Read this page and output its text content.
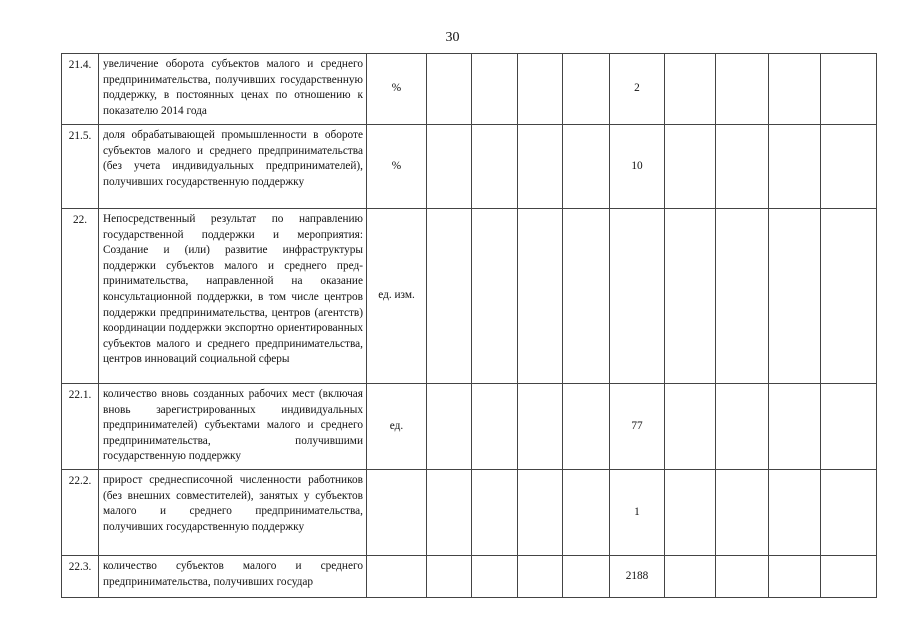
30
21.4.	увеличение оборота субъектов малого и среднего предпринимательства, получивших государственную поддержку, в постоянных ценах по отношению к показателю 2014 года	%					2				
21.5.	доля обрабатывающей промышленности в обороте субъектов малого и среднего предпринимательства (без учета индивидуальных предпринимателей), получивших государственную поддержку	%					10				
22.	Непосредственный результат по направлению государственной поддержки и мероприятия: Создание и (или) развитие инфраструктуры поддержки субъектов малого и среднего предпринимательства, направленной на оказание консультационной поддержки, в том числе центров поддержки предпринимательства, центров (агентств) координации поддержки экспортно ориентированных субъектов малого и среднего предпринимательства, центров инноваций социальной сферы	ед. изм.									
22.1.	количество вновь созданных рабочих мест (включая вновь зарегистрированных индивидуальных предпринимателей) субъектами малого и среднего предпринимательства, получившими государственную поддержку	ед.					77				
22.2.	прирост среднесписочной численности работников (без внешних совместителей), занятых у субъектов малого и среднего предпринимательства, получивших государственную поддержку						1				
22.3.	количество субъектов малого и среднего предпринимательства, получивших государ						2188				
